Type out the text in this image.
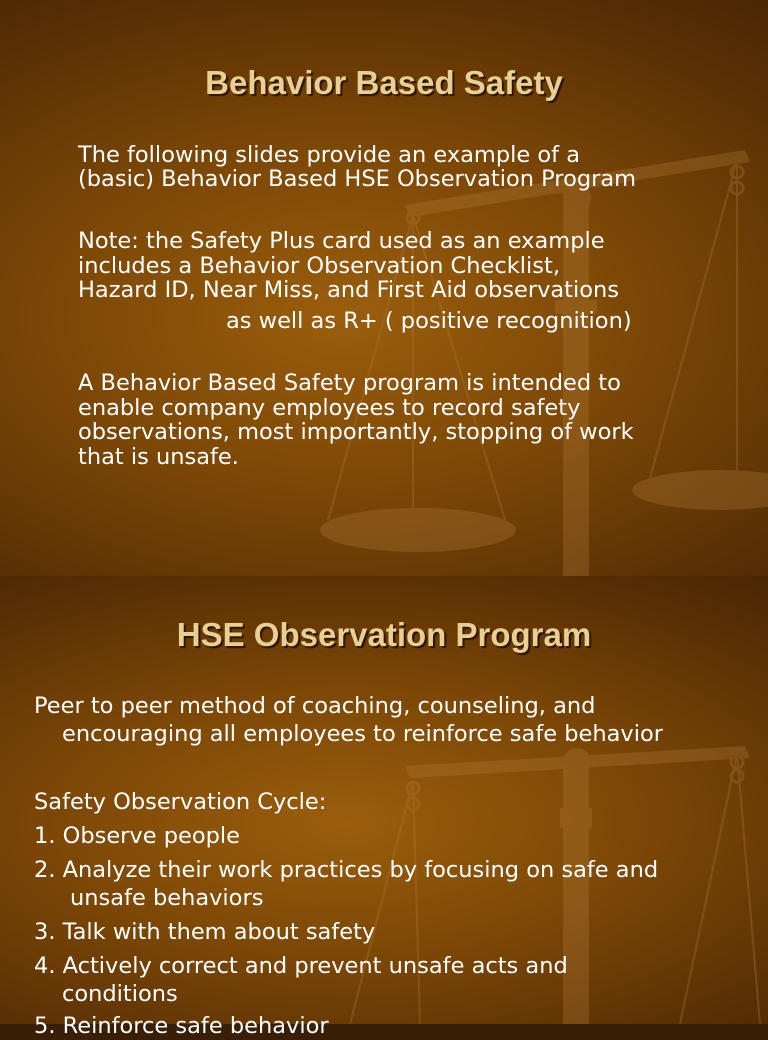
Behavior Based Safety

The following slides provide an example of a

(basic) Behavior Based HSE Observation Program

Note: the Safety Plus card used as an example

includes a Behavior Observation Checklist,

Hazard ID, Near Miss, and First Aid observations

as well as R+ ( positive recognition)

A Behavior Based Safety program is intended to

enable company employees to record safety

observations, most importantly, stopping of work

that is unsafe.

HSE Observation Program

Peer to peer method of coaching, counseling, and

encouraging all employees to reinforce safe behavior

Safety Observation Cycle:

1. Observe people

2. Analyze their work practices by focusing on safe and

unsafe behaviors

3. Talk with them about safety

4. Actively correct and prevent unsafe acts and

conditions

5. Reinforce safe behavior
